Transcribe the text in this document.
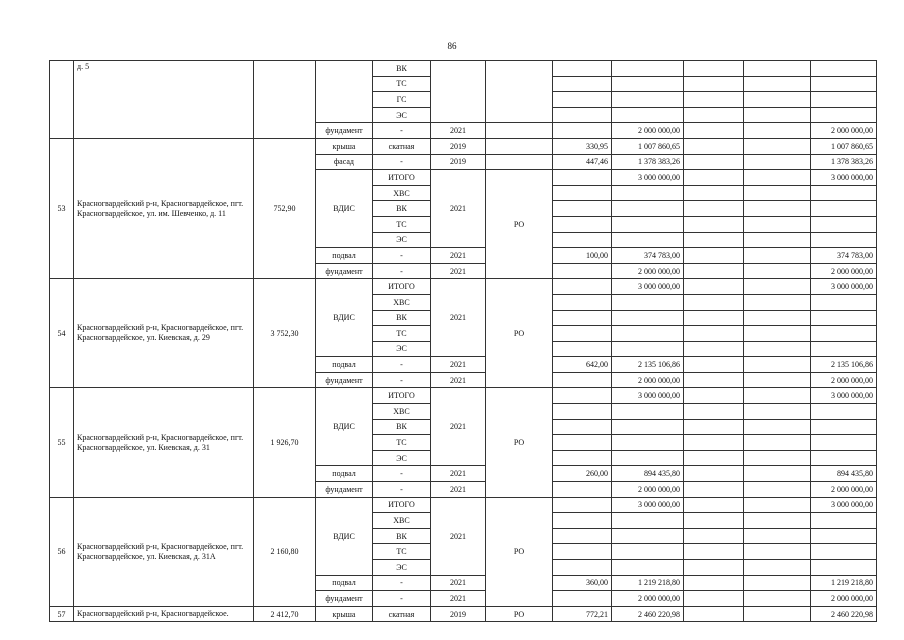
86
	д. 5			ВК							
				ТС							
				ГС							
				ЭС							
			фундамент	-	2021			2 000 000,00			2 000 000,00
53	Красногвардейский р-н, Красногвардейское, пгт. Красногвардейское, ул. им. Шевченко, д. 11	752,90	крыша	скатная	2019		330,95	1 007 860,65			1 007 860,65
			фасад	-	2019		447,46	1 378 383,26			1 378 383,26
			ВДИС	ИТОГО	2021	РО		3 000 000,00			3 000 000,00
				ХВС							
				ВК							
				ТС							
				ЭС							
			подвал	-	2021		100,00	374 783,00			374 783,00
			фундамент	-	2021			2 000 000,00			2 000 000,00
54	Красногвардейский р-н, Красногвардейское, пгт. Красногвардейское, ул. Киевская, д. 29	3 752,30	ВДИС	ИТОГО	2021	РО		3 000 000,00			3 000 000,00
				ХВС							
				ВК							
				ТС							
				ЭС							
			подвал	-	2021		642,00	2 135 106,86			2 135 106,86
			фундамент	-	2021			2 000 000,00			2 000 000,00
55	Красногвардейский р-н, Красногвардейское, пгт. Красногвардейское, ул. Киевская, д. 31	1 926,70	ВДИС	ИТОГО	2021	РО		3 000 000,00			3 000 000,00
				ХВС							
				ВК							
				ТС							
				ЭС							
			подвал	-	2021		260,00	894 435,80			894 435,80
			фундамент	-	2021			2 000 000,00			2 000 000,00
56	Красногвардейский р-н, Красногвардейское, пгт. Красногвардейское, ул. Киевская, д. 31А	2 160,80	ВДИС	ИТОГО	2021	РО		3 000 000,00			3 000 000,00
				ХВС							
				ВК							
				ТС							
				ЭС							
			подвал	-	2021		360,00	1 219 218,80			1 219 218,80
			фундамент	-	2021			2 000 000,00			2 000 000,00
57	Красногвардейский р-н, Красногвардейское.	2 412,70	крыша	скатная	2019	РО	772,21	2 460 220,98			2 460 220,98
